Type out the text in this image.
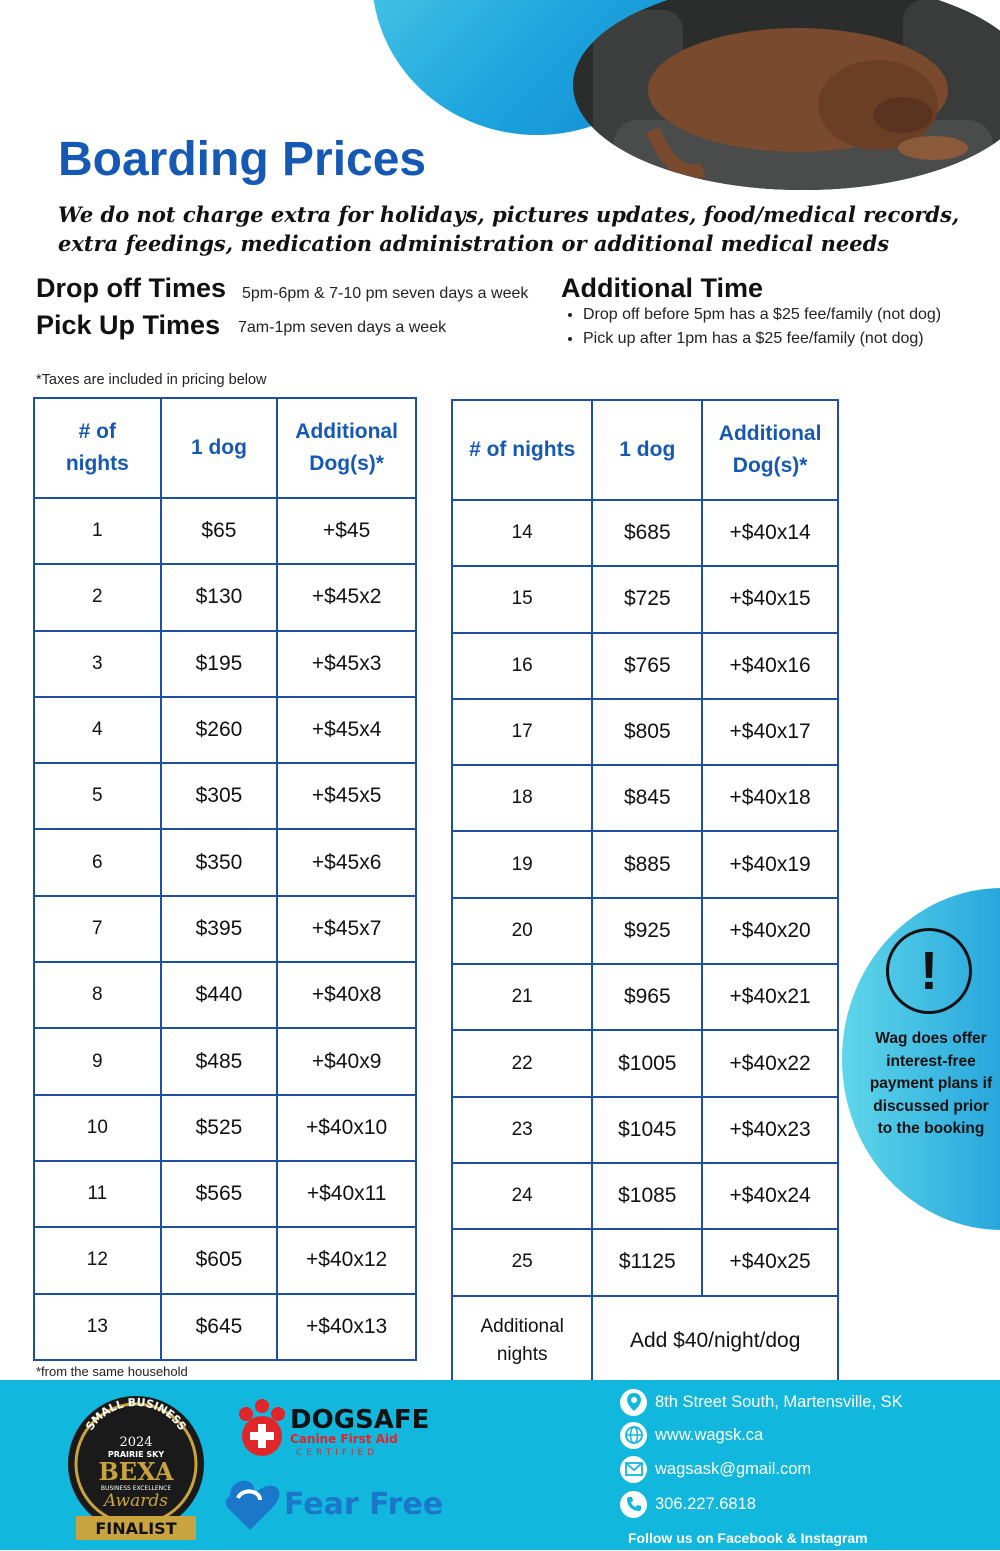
Boarding Prices
We do not charge extra for holidays, pictures updates, food/medical records, extra feedings, medication administration or additional medical needs
Drop off Times 5pm-6pm & 7-10 pm seven days a week
Pick Up Times 7am-1pm seven days a week
Additional Time
• Drop off before 5pm has a $25 fee/family (not dog)
• Pick up after 1pm has a $25 fee/family (not dog)
*Taxes are included in pricing below
# of nights	1 dog	Additional Dog(s)*
1	$65	+$45
2	$130	+$45x2
3	$195	+$45x3
4	$260	+$45x4
5	$305	+$45x5
6	$350	+$45x6
7	$395	+$45x7
8	$440	+$40x8
9	$485	+$40x9
10	$525	+$40x10
11	$565	+$40x11
12	$605	+$40x12
13	$645	+$40x13
# of nights	1 dog	Additional Dog(s)*
14	$685	+$40x14
15	$725	+$40x15
16	$765	+$40x16
17	$805	+$40x17
18	$845	+$40x18
19	$885	+$40x19
20	$925	+$40x20
21	$965	+$40x21
22	$1005	+$40x22
23	$1045	+$40x23
24	$1085	+$40x24
25	$1125	+$40x25
Additional nights	Add $40/night/dog	
*from the same household
!
Wag does offer interest-free payment plans if discussed prior to the booking
SMALL BUSINESS
2024
PRAIRIE SKY
BEXA
BUSINESS EXCELLENCE
Awards
FINALIST
DOGSAFE
Canine First Aid
CERTIFIED
Fear Free
8th Street South, Martensville, SK
www.wagsk.ca
wagsask@gmail.com
306.227.6818
Follow us on Facebook & Instagram
